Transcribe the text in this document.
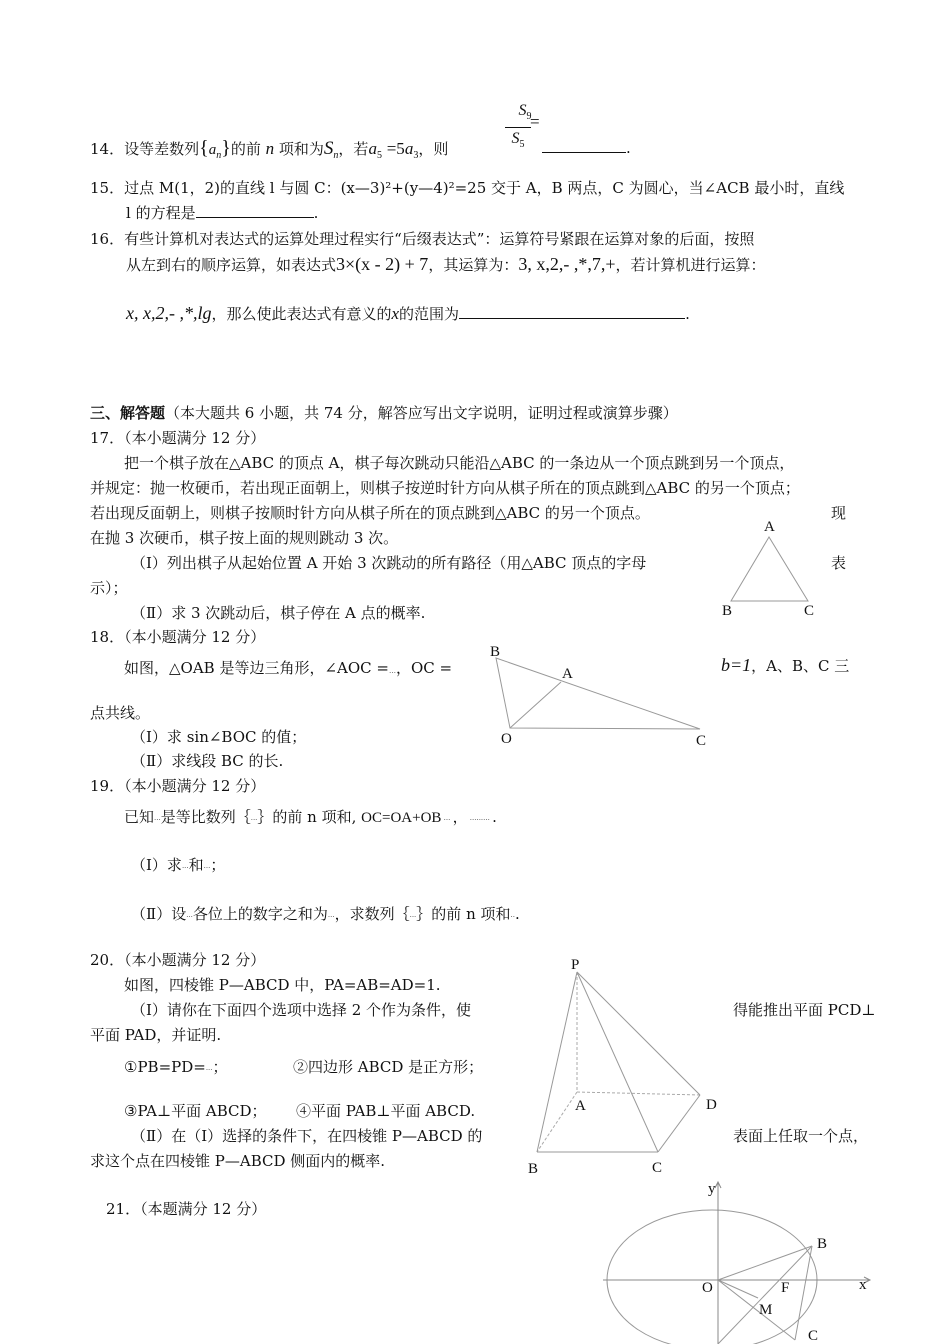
14．设等差数列$\{a_n\}$的前 n 项和为$S_n$，若$a_5 =5a_3$，则
$S_9$
$S_5$
=
.
15．过点 M(1，2)的直线 l 与圆 C：(x—3)²+(y—4)²=25 交于 A，B 两点，C 为圆心，当∠ACB 最小时，直线
l 的方程是	.
16．有些计算机对表达式的运算处理过程实行“后缀表达式”：运算符号紧跟在运算对象的后面，按照
从左到右的顺序运算，如表达式3×(x - 2) + 7，其运算为：3, x,2,- ,*,7,+，若计算机进行运算：
x, x,2,- ,*,lg，那么使此表达式有意义的x的范围为	.
三、解答题（本大题共 6 小题，共 74 分，解答应写出文字说明，证明过程或演算步骤）
17．（本小题满分 12 分）
把一个棋子放在△ABC 的顶点 A，棋子每次跳动只能沿△ABC 的一条边从一个顶点跳到另一个顶点，
并规定：抛一枚硬币，若出现正面朝上，则棋子按逆时针方向从棋子所在的顶点跳到△ABC 的另一个顶点；
若出现反面朝上，则棋子按顺时针方向从棋子所在的顶点跳到△ABC 的另一个顶点。	现
在抛 3 次硬币，棋子按上面的规则跳动 3 次。
（Ⅰ）列出棋子从起始位置 A 开始 3 次跳动的所有路径（用△ABC 顶点的字母	表
示）；
（Ⅱ）求 3 次跳动后，棋子停在 A 点的概率.
A
B	C
18．（本小题满分 12 分）
如图，△OAB 是等边三角形，∠AOC =…，OC =	b=1，A、B、C 三
点共线。
（Ⅰ）求 sin∠BOC 的值；
（Ⅱ）求线段 BC 的长.
B
A
O	C
19．（本小题满分 12 分）
已知···是等比数列｛···｝的前 n 项和, OC=OA+OB ··· ， ········· .
（Ⅰ）求···和···；
（Ⅱ）设···各位上的数字之和为···，求数列｛···｝的前 n 项和··.
20．（本小题满分 12 分）
如图，四棱锥 P—ABCD 中，PA=AB=AD=1.
（Ⅰ）请你在下面四个选项中选择 2 个作为条件，使	得能推出平面 PCD⊥
平面 PAD，并证明.
①PB=PD=···；	②四边形 ABCD 是正方形；
③PA⊥平面 ABCD； ④平面 PAB⊥平面 ABCD.
（Ⅱ）在（Ⅰ）选择的条件下，在四棱锥 P—ABCD 的	表面上任取一个点，
求这个点在四棱锥 P—ABCD 侧面内的概率.
P
A	D
B	C
21．（本题满分 12 分）
y
x
O
B
F
M
C
